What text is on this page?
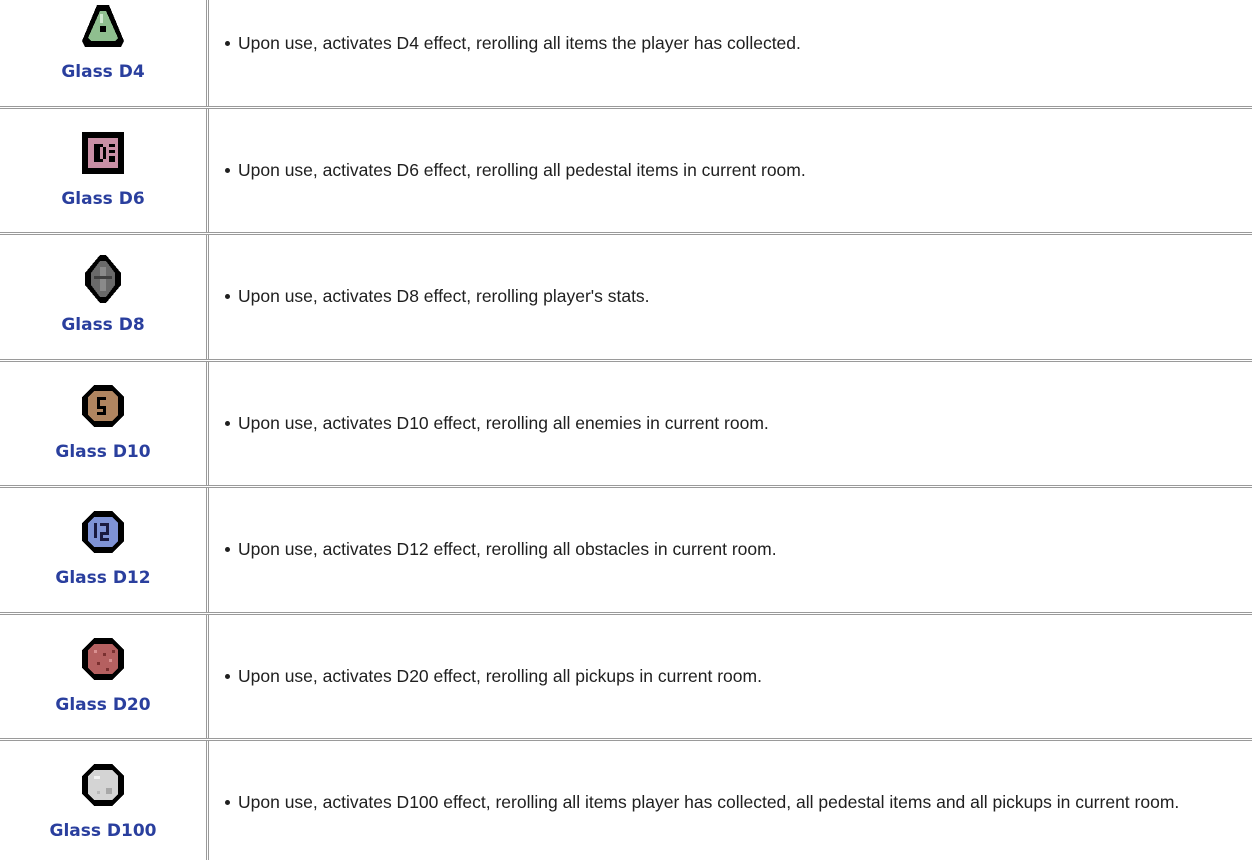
Glass D4
Upon use, activates D4 effect, rerolling all items the player has collected.
Glass D6
Upon use, activates D6 effect, rerolling all pedestal items in current room.
Glass D8
Upon use, activates D8 effect, rerolling player's stats.
Glass D10
Upon use, activates D10 effect, rerolling all enemies in current room.
Glass D12
Upon use, activates D12 effect, rerolling all obstacles in current room.
Glass D20
Upon use, activates D20 effect, rerolling all pickups in current room.
Glass D100
Upon use, activates D100 effect, rerolling all items player has collected, all pedestal items and all pickups in current room.
